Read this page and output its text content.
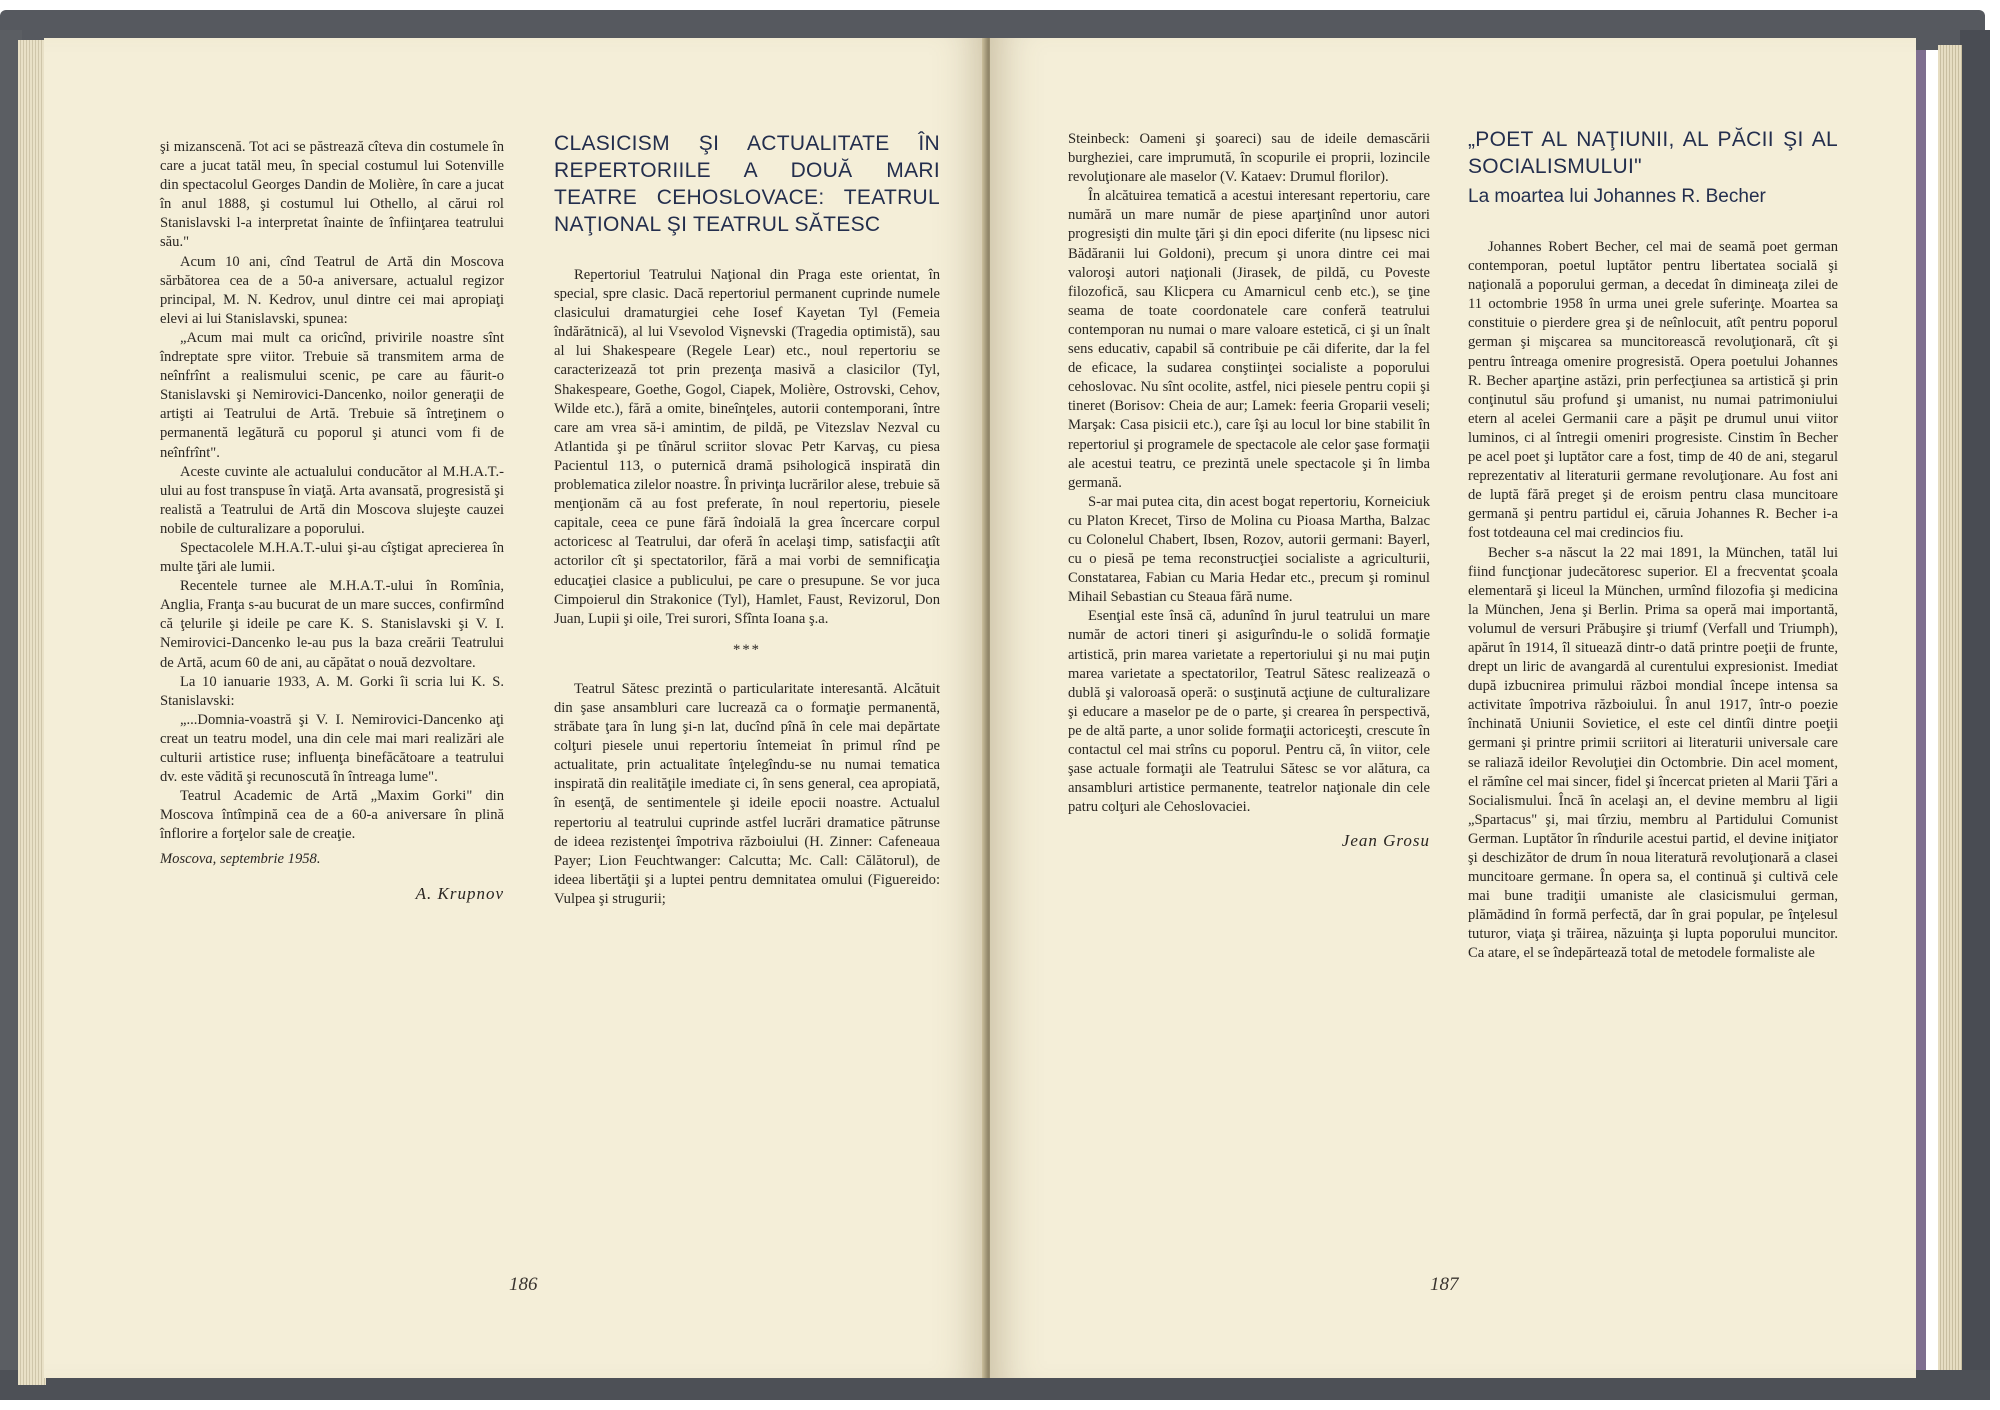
şi mizanscenă. Tot aci se păstrează cîteva din costumele în care a jucat tatăl meu, în special costumul lui Sotenville din spectacolul Georges Dandin de Molière, în care a jucat în anul 1888, şi costumul lui Othello, al cărui rol Stanislavski l-a interpretat înainte de înfiinţarea teatrului său."

Acum 10 ani, cînd Teatrul de Artă din Moscova sărbătorea cea de a 50-a aniversare, actualul regizor principal, M. N. Kedrov, unul dintre cei mai apropiaţi elevi ai lui Stanislavski, spunea:

„Acum mai mult ca oricînd, privirile noastre sînt îndreptate spre viitor. Trebuie să transmitem arma de neînfrînt a realismului scenic, pe care au făurit-o Stanislavski şi Nemirovici-Dancenko, noilor generaţii de artişti ai Teatrului de Artă. Trebuie să întreţinem o permanentă legătură cu poporul şi atunci vom fi de neînfrînt".

Aceste cuvinte ale actualului conducător al M.H.A.T.-ului au fost transpuse în viaţă. Arta avansată, progresistă şi realistă a Teatrului de Artă din Moscova slujeşte cauzei nobile de culturalizare a poporului.

Spectacolele M.H.A.T.-ului şi-au cîştigat aprecierea în multe ţări ale lumii.

Recentele turnee ale M.H.A.T.-ului în Romînia, Anglia, Franţa s-au bucurat de un mare succes, confirmînd că ţelurile şi ideile pe care K. S. Stanislavski şi V. I. Nemirovici-Dancenko le-au pus la baza creării Teatrului de Artă, acum 60 de ani, au căpătat o nouă dezvoltare.

La 10 ianuarie 1933, A. M. Gorki îi scria lui K. S. Stanislavski:

„...Domnia-voastră şi V. I. Nemirovici-Dancenko aţi creat un teatru model, una din cele mai mari realizări ale culturii artistice ruse; influenţa binefăcătoare a teatrului dv. este vădită şi recunoscută în întreaga lume".

Teatrul Academic de Artă „Maxim Gorki" din Moscova întîmpină cea de a 60-a aniversare în plină înflorire a forţelor sale de creaţie.

Moscova, septembrie 1958.
A. Krupnov
CLASICISM ŞI ACTUALITATE ÎN REPERTORIILE A DOUĂ MARI TEATRE CEHOSLOVACE: TEATRUL NAŢIONAL ŞI TEATRUL SĂTESC

Repertoriul Teatrului Naţional din Praga este orientat, în special, spre clasic. Dacă repertoriul permanent cuprinde numele clasicului dramaturgiei cehe Iosef Kayetan Tyl (Femeia îndărătnică), al lui Vsevolod Vişnevski (Tragedia optimistă), sau al lui Shakespeare (Regele Lear) etc., noul repertoriu se caracterizează tot prin prezenţa masivă a clasicilor (Tyl, Shakespeare, Goethe, Gogol, Ciapek, Molière, Ostrovski, Cehov, Wilde etc.), fără a omite, bineînţeles, autorii contemporani, între care am vrea să-i amintim, de pildă, pe Vitezslav Nezval cu Atlantida şi pe tînărul scriitor slovac Petr Karvaş, cu piesa Pacientul 113, o puternică dramă psihologică inspirată din problematica zilelor noastre. În privinţa lucrărilor alese, trebuie să menţionăm că au fost preferate, în noul repertoriu, piesele capitale, ceea ce pune fără îndoială la grea încercare corpul actoricesc al Teatrului, dar oferă în acelaşi timp, satisfacţii atît actorilor cît şi spectatorilor, fără a mai vorbi de semnificaţia educaţiei clasice a publicului, pe care o presupune. Se vor juca Cimpoierul din Strakonice (Tyl), Hamlet, Faust, Revizorul, Don Juan, Lupii şi oile, Trei surori, Sfînta Ioana ş.a.

***

Teatrul Sătesc prezintă o particularitate interesantă. Alcătuit din şase ansambluri care lucrează ca o formaţie permanentă, străbate ţara în lung şi-n lat, ducînd pînă în cele mai depărtate colţuri piesele unui repertoriu întemeiat în primul rînd pe actualitate, prin actualitate înţelegîndu-se nu numai tematica inspirată din realităţile imediate ci, în sens general, cea apropiată, în esenţă, de sentimentele şi ideile epocii noastre. Actualul repertoriu al teatrului cuprinde astfel lucrări dramatice pătrunse de ideea rezistenţei împotriva războiului (H. Zinner: Cafeneaua Payer; Lion Feuchtwanger: Calcutta; Mc. Call: Călătorul), de ideea libertăţii şi a luptei pentru demnitatea omului (Figuereido: Vulpea şi strugurii;

186

Steinbeck: Oameni şi şoareci) sau de ideile demascării burgheziei, care imprumută, în scopurile ei proprii, lozincile revoluţionare ale maselor (V. Kataev: Drumul florilor).

În alcătuirea tematică a acestui interesant repertoriu, care numără un mare număr de piese aparţinînd unor autori progresişti din multe ţări şi din epoci diferite (nu lipsesc nici Bădăranii lui Goldoni), precum şi unora dintre cei mai valoroşi autori naţionali (Jirasek, de pildă, cu Poveste filozofică, sau Klicpera cu Amarnicul cenb etc.), se ţine seama de toate coordonatele care conferă teatrului contemporan nu numai o mare valoare estetică, ci şi un înalt sens educativ, capabil să contribuie pe căi diferite, dar la fel de eficace, la sudarea conştiinţei socialiste a poporului cehoslovac. Nu sînt ocolite, astfel, nici piesele pentru copii şi tineret (Borisov: Cheia de aur; Lamek: feeria Groparii veseli; Marşak: Casa pisicii etc.), care îşi au locul lor bine stabilit în repertoriul şi programele de spectacole ale celor şase formaţii ale acestui teatru, ce prezintă unele spectacole şi în limba germană.

S-ar mai putea cita, din acest bogat repertoriu, Korneiciuk cu Platon Krecet, Tirso de Molina cu Pioasa Martha, Balzac cu Colonelul Chabert, Ibsen, Rozov, autorii germani: Bayerl, cu o piesă pe tema reconstrucţiei socialiste a agriculturii, Constatarea, Fabian cu Maria Hedar etc., precum şi rominul Mihail Sebastian cu Steaua fără nume.

Esenţial este însă că, adunînd în jurul teatrului un mare număr de actori tineri şi asigurîndu-le o solidă formaţie artistică, prin marea varietate a repertoriului şi nu mai puţin marea varietate a spectatorilor, Teatrul Sătesc realizează o dublă şi valoroasă operă: o susţinută acţiune de culturalizare şi educare a maselor pe de o parte, şi crearea în perspectivă, pe de altă parte, a unor solide formaţii actoriceşti, crescute în contactul cel mai strîns cu poporul. Pentru că, în viitor, cele şase actuale formaţii ale Teatrului Sătesc se vor alătura, ca ansambluri artistice permanente, teatrelor naţionale din cele patru colţuri ale Cehoslovaciei.

Jean Grosu
„POET AL NAŢIUNII, AL PĂCII ŞI AL SOCIALISMULUI"
La moartea lui Johannes R. Becher

Johannes Robert Becher, cel mai de seamă poet german contemporan, poetul luptător pentru libertatea socială şi naţională a poporului german, a decedat în dimineaţa zilei de 11 octombrie 1958 în urma unei grele suferinţe. Moartea sa constituie o pierdere grea şi de neînlocuit, atît pentru poporul german şi mişcarea sa muncitorească revoluţionară, cît şi pentru întreaga omenire progresistă. Opera poetului Johannes R. Becher aparţine astăzi, prin perfecţiunea sa artistică şi prin conţinutul său profund şi umanist, nu numai patrimoniului etern al acelei Germanii care a păşit pe drumul unui viitor luminos, ci al întregii omeniri progresiste. Cinstim în Becher pe acel poet şi luptător care a fost, timp de 40 de ani, stegarul reprezentativ al literaturii germane revoluţionare. Au fost ani de luptă fără preget şi de eroism pentru clasa muncitoare germană şi pentru partidul ei, căruia Johannes R. Becher i-a fost totdeauna cel mai credincios fiu.

Becher s-a născut la 22 mai 1891, la München, tatăl lui fiind funcţionar judecătoresc superior. El a frecventat şcoala elementară şi liceul la München, urmînd filozofia şi medicina la München, Jena şi Berlin. Prima sa operă mai importantă, volumul de versuri Prăbuşire şi triumf (Verfall und Triumph), apărut în 1914, îl situează dintr-o dată printre poeţii de frunte, drept un liric de avangardă al curentului expresionist. Imediat după izbucnirea primului război mondial începe intensa sa activitate împotriva războiului. În anul 1917, într-o poezie închinată Uniunii Sovietice, el este cel dintîi dintre poeţii germani şi printre primii scriitori ai literaturii universale care se raliază ideilor Revoluţiei din Octombrie. Din acel moment, el rămîne cel mai sincer, fidel şi încercat prieten al Marii Ţări a Socialismului. Încă în acelaşi an, el devine membru al ligii „Spartacus" şi, mai tîrziu, membru al Partidului Comunist German. Luptător în rîndurile acestui partid, el devine iniţiator şi deschizător de drum în noua literatură revoluţionară a clasei muncitoare germane. În opera sa, el continuă şi cultivă cele mai bune tradiţii umaniste ale clasicismului german, plămădind în formă perfectă, dar în grai popular, pe înţelesul tuturor, viaţa şi trăirea, năzuinţa şi lupta poporului muncitor. Ca atare, el se îndepărtează total de metodele formaliste ale

187
